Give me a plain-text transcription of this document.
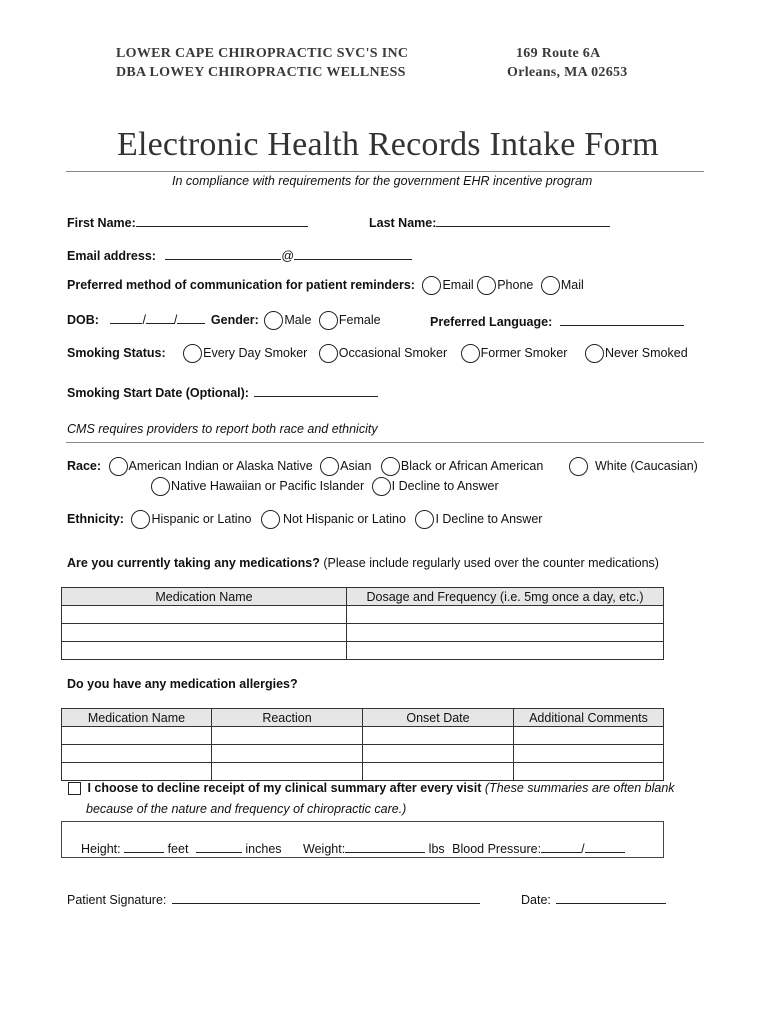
LOWER CAPE CHIROPRACTIC SVC'S INC
DBA LOWEY CHIROPRACTIC WELLNESS
169 Route 6A
Orleans, MA 02653
Electronic Health Records Intake Form
In compliance with requirements for the government EHR incentive program
First Name:	Last Name:
Email address:	@
Preferred method of communication for patient reminders: Email Phone Mail
DOB:	/ /	Gender: Male Female	Preferred Language:
Smoking Status:	Every Day Smoker	Occasional Smoker	Former Smoker	Never Smoked
Smoking Start Date (Optional):
CMS requires providers to report both race and ethnicity
Race: American Indian or Alaska Native Asian Black or African American	White (Caucasian)
Native Hawaiian or Pacific Islander I Decline to Answer
Ethnicity: Hispanic or Latino	Not Hispanic or Latino I Decline to Answer
Are you currently taking any medications? (Please include regularly used over the counter medications)
Medication Name	Dosage and Frequency (i.e. 5mg once a day, etc.)

Do you have any medication allergies?
Medication Name	Reaction	Onset Date	Additional Comments

I choose to decline receipt of my clinical summary after every visit (These summaries are often blank
because of the nature and frequency of chiropractic care.)
Height:	feet	inches Weight:	lbs Blood Pressure:	/
Patient Signature:	Date:
